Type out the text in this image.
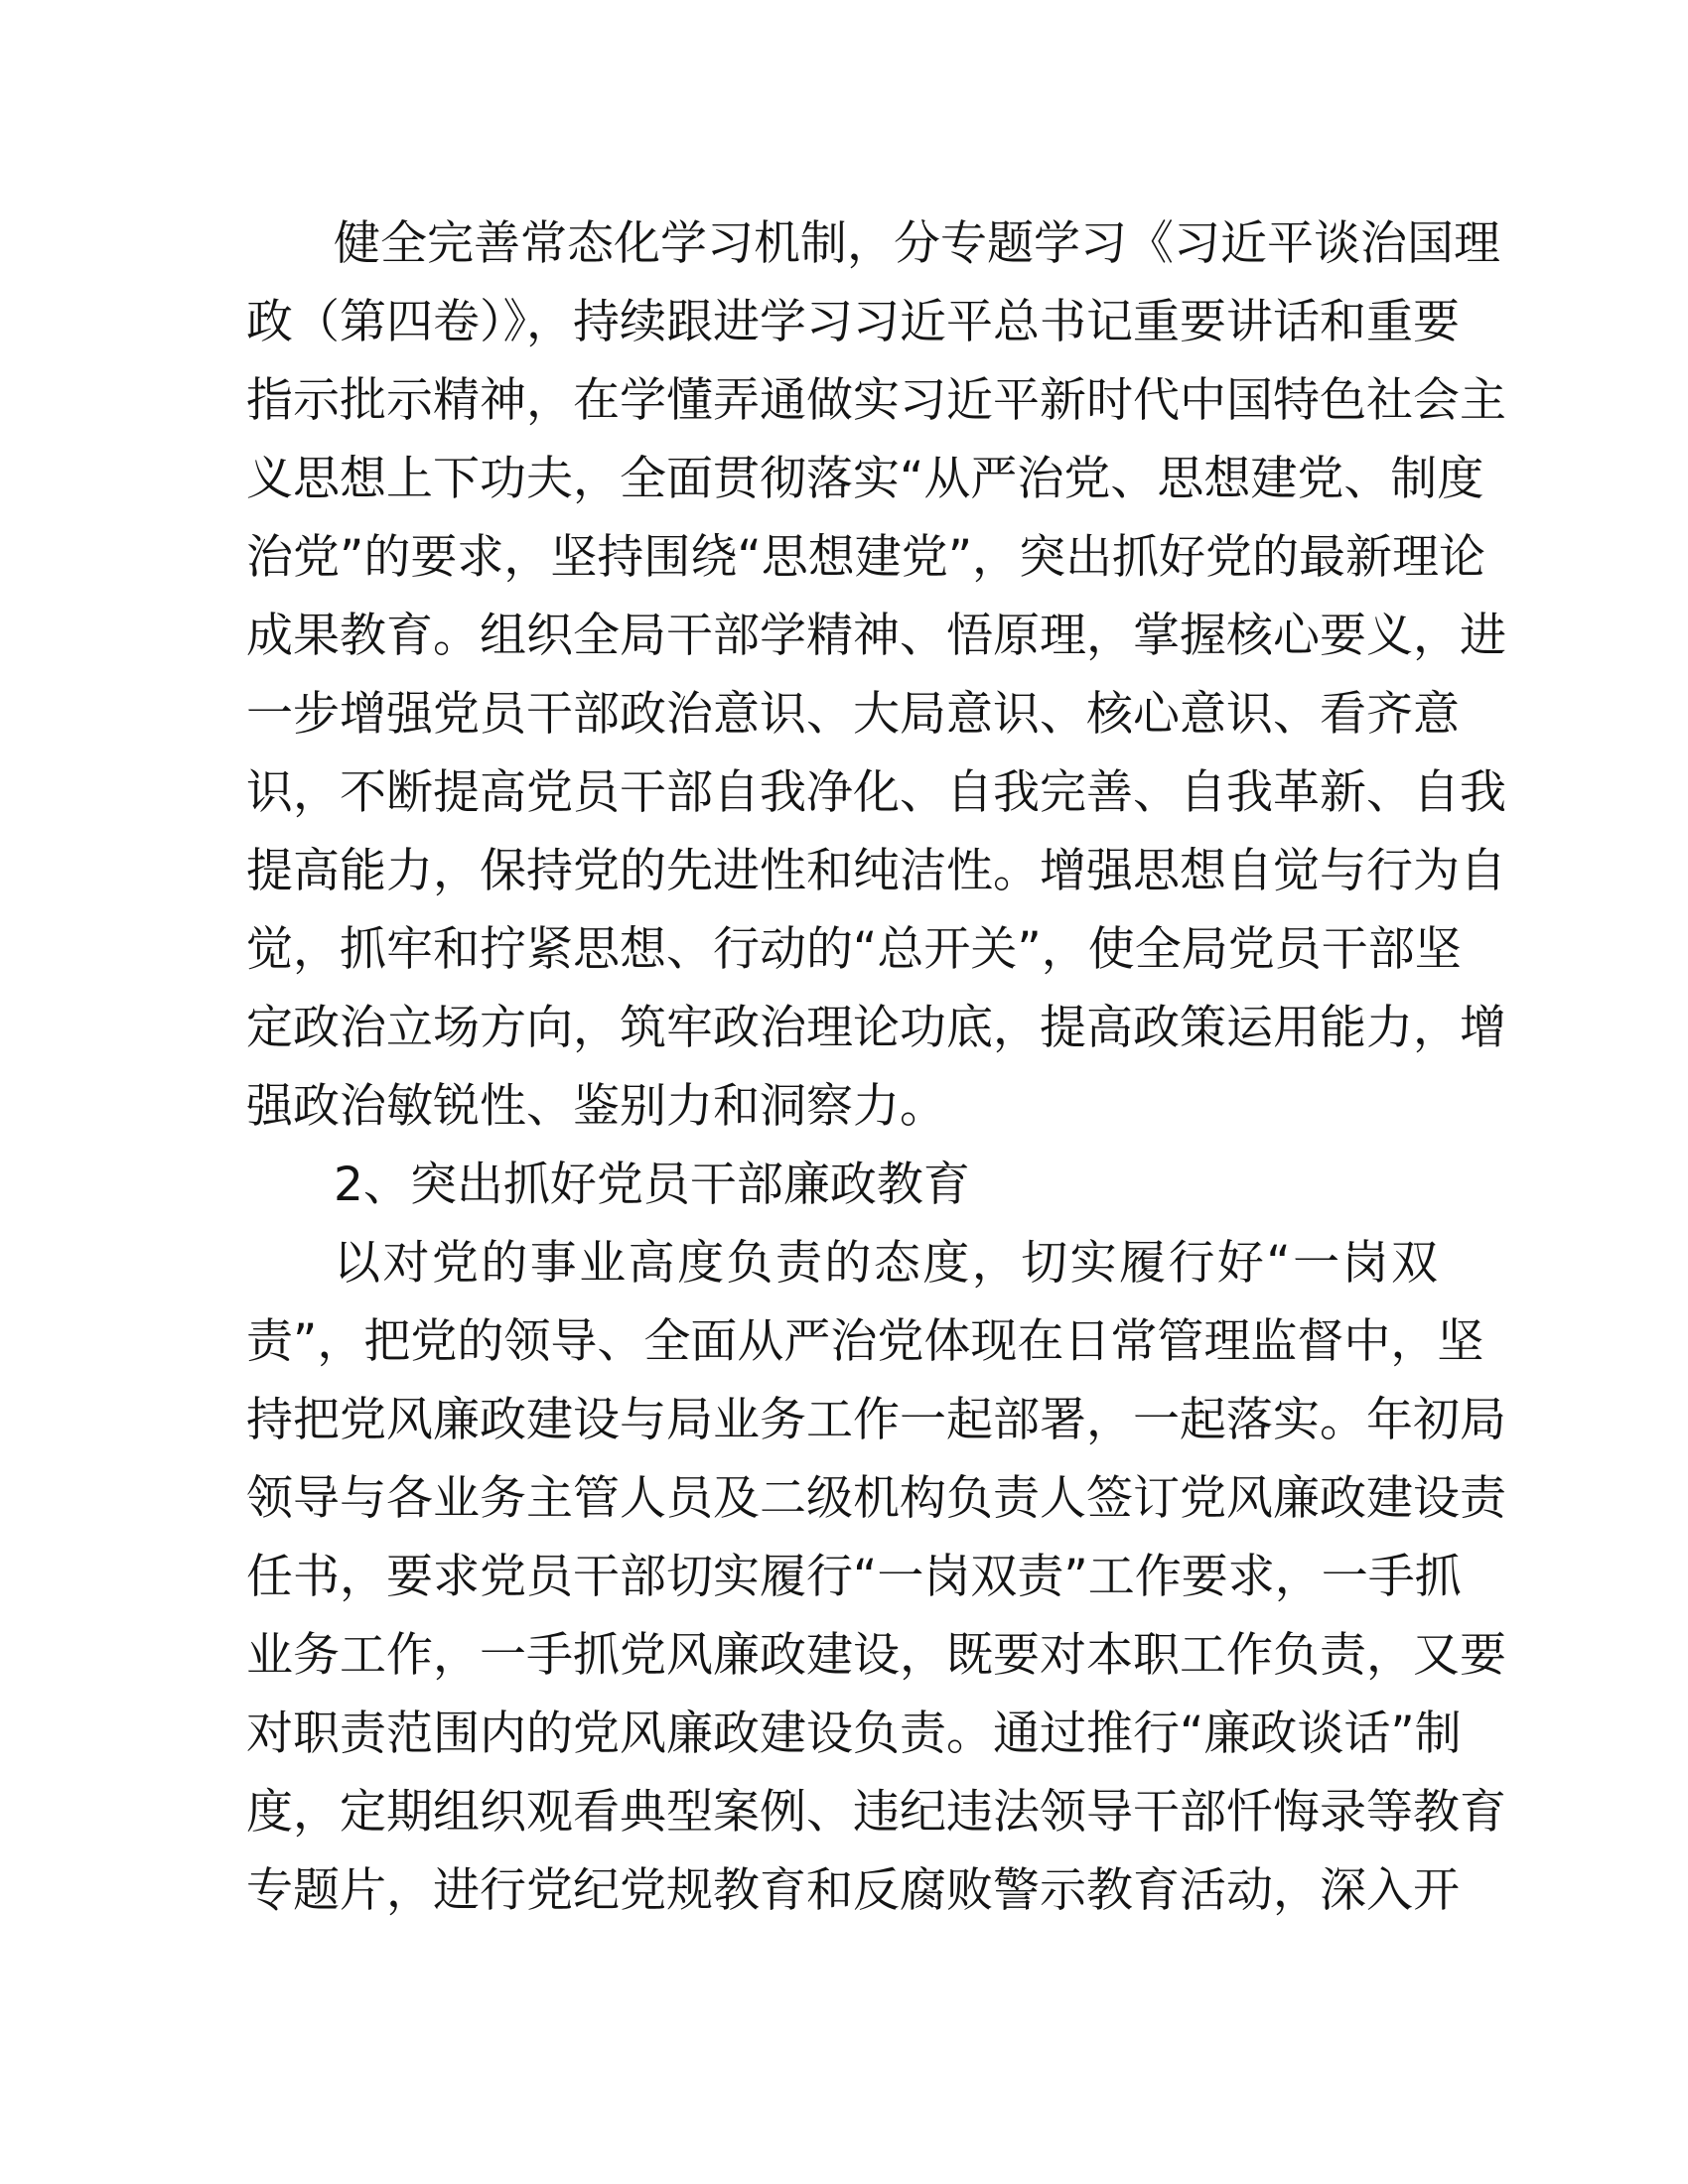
健全完善常态化学习机制，分专题学习《习近平谈治国理
政（第四卷）》，持续跟进学习习近平总书记重要讲话和重要
指示批示精神，在学懂弄通做实习近平新时代中国特色社会主
义思想上下功夫，全面贯彻落实“从严治党、思想建党、制度
治党”的要求，坚持围绕“思想建党”，突出抓好党的最新理论
成果教育。组织全局干部学精神、悟原理，掌握核心要义，进
一步增强党员干部政治意识、大局意识、核心意识、看齐意
识，不断提高党员干部自我净化、自我完善、自我革新、自我
提高能力，保持党的先进性和纯洁性。增强思想自觉与行为自
觉，抓牢和拧紧思想、行动的“总开关”，使全局党员干部坚
定政治立场方向，筑牢政治理论功底，提高政策运用能力，增
强政治敏锐性、鉴别力和洞察力。
2、突出抓好党员干部廉政教育
以对党的事业高度负责的态度，切实履行好“一岗双
责”，把党的领导、全面从严治党体现在日常管理监督中，坚
持把党风廉政建设与局业务工作一起部署，一起落实。年初局
领导与各业务主管人员及二级机构负责人签订党风廉政建设责
任书，要求党员干部切实履行“一岗双责”工作要求，一手抓
业务工作，一手抓党风廉政建设，既要对本职工作负责，又要
对职责范围内的党风廉政建设负责。通过推行“廉政谈话”制
度，定期组织观看典型案例、违纪违法领导干部忏悔录等教育
专题片，进行党纪党规教育和反腐败警示教育活动，深入开
